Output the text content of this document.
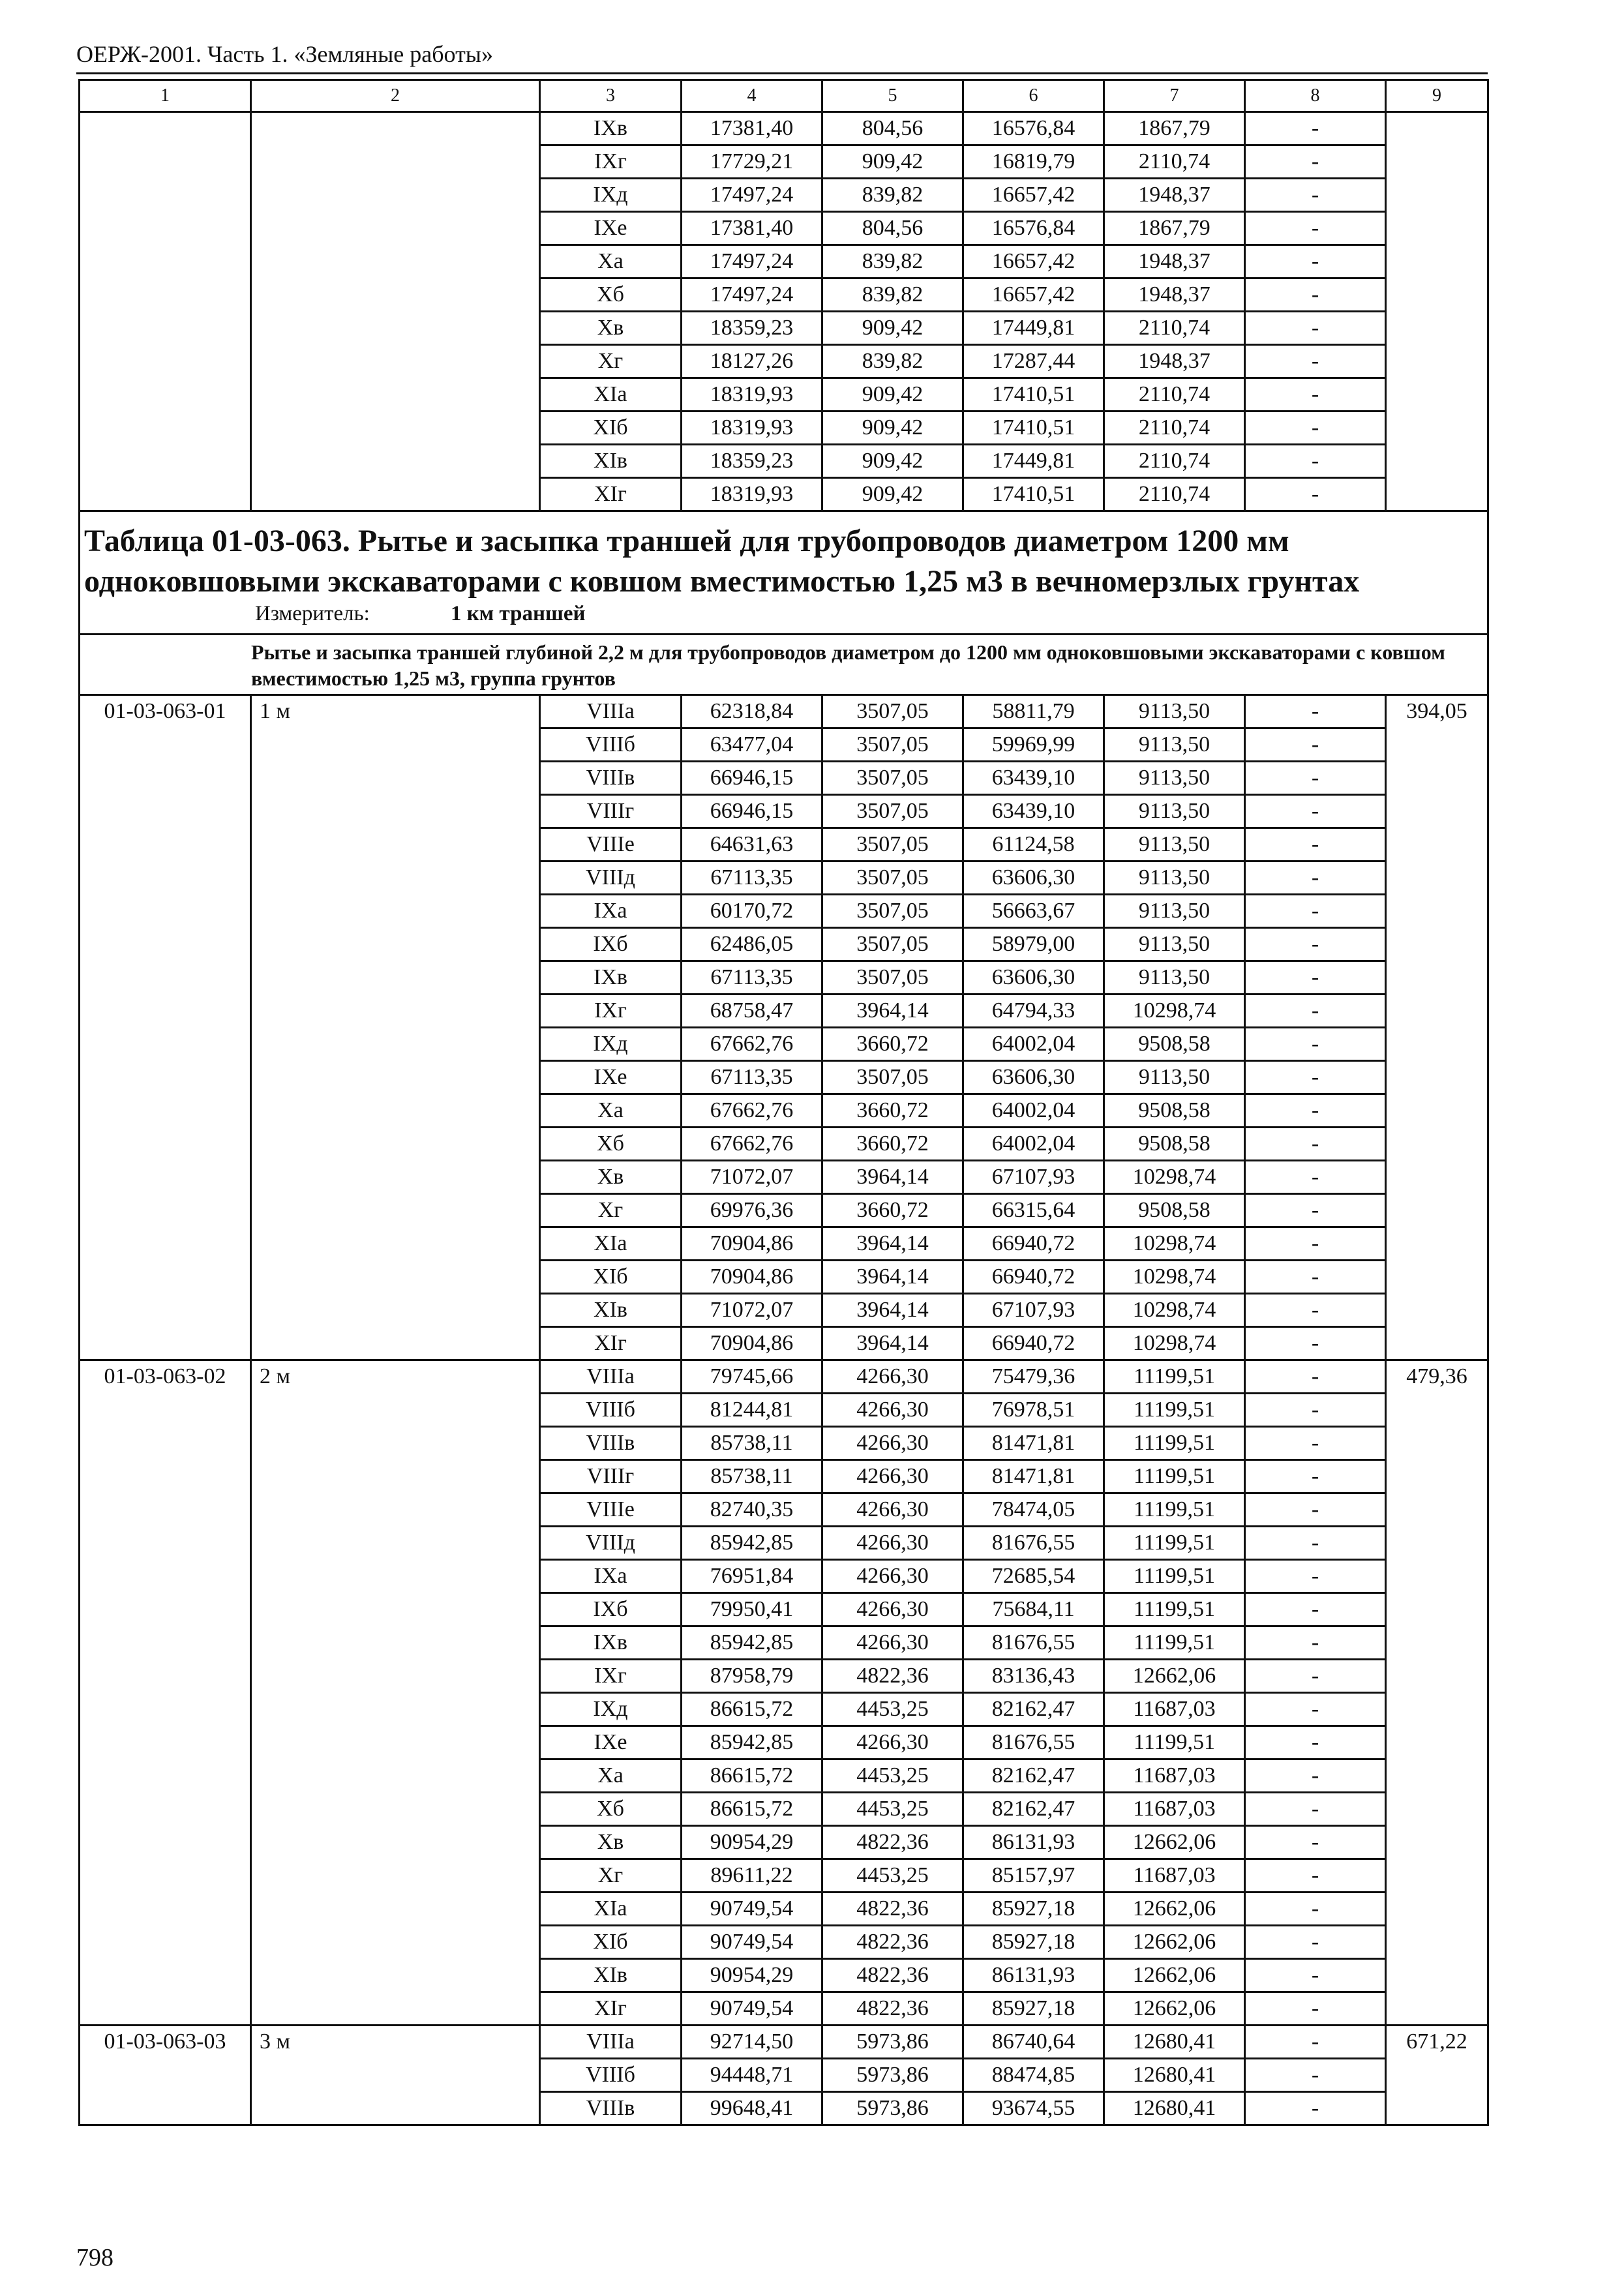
ОЕРЖ-2001. Часть 1. «Земляные работы»
1	2	3	4	5	6	7	8	9
		IXв	17381,40	804,56	16576,84	1867,79	-	
		IXг	17729,21	909,42	16819,79	2110,74	-	
		IXд	17497,24	839,82	16657,42	1948,37	-	
		IXе	17381,40	804,56	16576,84	1867,79	-	
		Xа	17497,24	839,82	16657,42	1948,37	-	
		Xб	17497,24	839,82	16657,42	1948,37	-	
		Xв	18359,23	909,42	17449,81	2110,74	-	
		Xг	18127,26	839,82	17287,44	1948,37	-	
		XIа	18319,93	909,42	17410,51	2110,74	-	
		XIб	18319,93	909,42	17410,51	2110,74	-	
		XIв	18359,23	909,42	17449,81	2110,74	-	
		XIг	18319,93	909,42	17410,51	2110,74	-	

Таблица 01-03-063. Рытье и засыпка траншей для трубопроводов диаметром 1200 мм одноковшовыми экскаваторами с ковшом вместимостью 1,25 м3 в вечномерзлых грунтах
Измеритель: 1 км траншей								

Рытье и засыпка траншей глубиной 2,2 м для трубопроводов диаметром до 1200 мм одноковшовыми экскаваторами с ковшом вместимостью 1,25 м3, группа грунтов								
01-03-063-01	1 м	VIIIа	62318,84	3507,05	58811,79	9113,50	-	394,05
		VIIIб	63477,04	3507,05	59969,99	9113,50	-	
		VIIIв	66946,15	3507,05	63439,10	9113,50	-	
		VIIIг	66946,15	3507,05	63439,10	9113,50	-	
		VIIIе	64631,63	3507,05	61124,58	9113,50	-	
		VIIIд	67113,35	3507,05	63606,30	9113,50	-	
		IXа	60170,72	3507,05	56663,67	9113,50	-	
		IXб	62486,05	3507,05	58979,00	9113,50	-	
		IXв	67113,35	3507,05	63606,30	9113,50	-	
		IXг	68758,47	3964,14	64794,33	10298,74	-	
		IXд	67662,76	3660,72	64002,04	9508,58	-	
		IXе	67113,35	3507,05	63606,30	9113,50	-	
		Xа	67662,76	3660,72	64002,04	9508,58	-	
		Xб	67662,76	3660,72	64002,04	9508,58	-	
		Xв	71072,07	3964,14	67107,93	10298,74	-	
		Xг	69976,36	3660,72	66315,64	9508,58	-	
		XIа	70904,86	3964,14	66940,72	10298,74	-	
		XIб	70904,86	3964,14	66940,72	10298,74	-	
		XIв	71072,07	3964,14	67107,93	10298,74	-	
		XIг	70904,86	3964,14	66940,72	10298,74	-	
01-03-063-02	2 м	VIIIа	79745,66	4266,30	75479,36	11199,51	-	479,36
		VIIIб	81244,81	4266,30	76978,51	11199,51	-	
		VIIIв	85738,11	4266,30	81471,81	11199,51	-	
		VIIIг	85738,11	4266,30	81471,81	11199,51	-	
		VIIIе	82740,35	4266,30	78474,05	11199,51	-	
		VIIIд	85942,85	4266,30	81676,55	11199,51	-	
		IXа	76951,84	4266,30	72685,54	11199,51	-	
		IXб	79950,41	4266,30	75684,11	11199,51	-	
		IXв	85942,85	4266,30	81676,55	11199,51	-	
		IXг	87958,79	4822,36	83136,43	12662,06	-	
		IXд	86615,72	4453,25	82162,47	11687,03	-	
		IXе	85942,85	4266,30	81676,55	11199,51	-	
		Xа	86615,72	4453,25	82162,47	11687,03	-	
		Xб	86615,72	4453,25	82162,47	11687,03	-	
		Xв	90954,29	4822,36	86131,93	12662,06	-	
		Xг	89611,22	4453,25	85157,97	11687,03	-	
		XIа	90749,54	4822,36	85927,18	12662,06	-	
		XIб	90749,54	4822,36	85927,18	12662,06	-	
		XIв	90954,29	4822,36	86131,93	12662,06	-	
		XIг	90749,54	4822,36	85927,18	12662,06	-	
01-03-063-03	3 м	VIIIа	92714,50	5973,86	86740,64	12680,41	-	671,22
		VIIIб	94448,71	5973,86	88474,85	12680,41	-	
		VIIIв	99648,41	5973,86	93674,55	12680,41	-	
798
